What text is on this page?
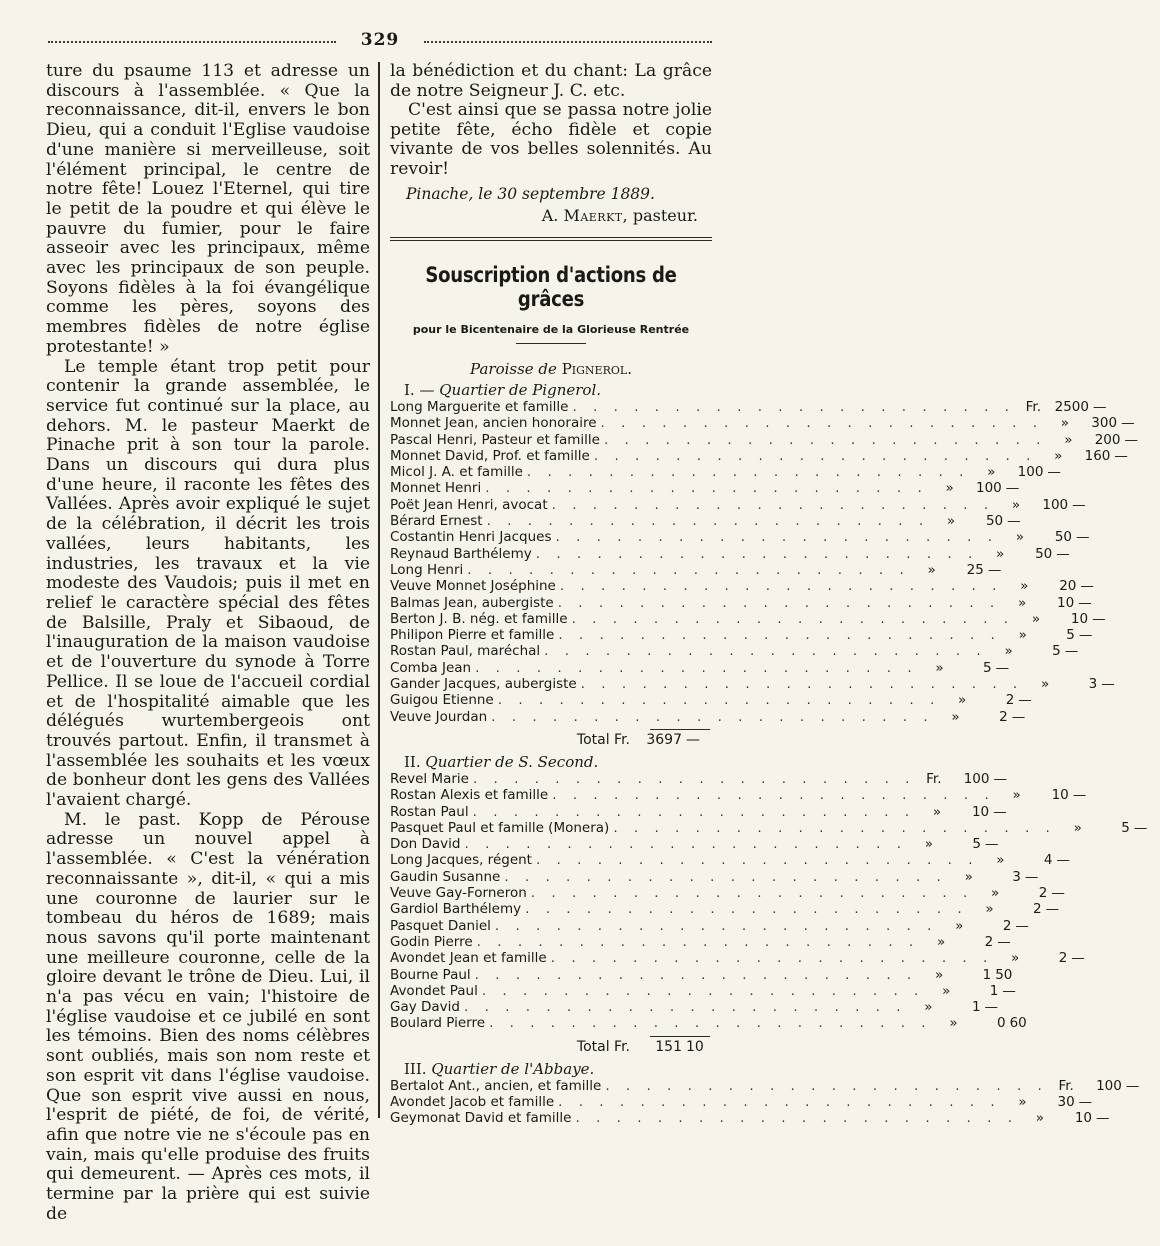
329

ture du psaume 113 et adresse un discours à l'assemblée. « Que la reconnaissance, dit-il, envers le bon Dieu, qui a conduit l'Eglise vaudoise d'une manière si merveilleuse, soit l'élément principal, le centre de notre fête! Louez l'Eternel, qui tire le petit de la poudre et qui élève le pauvre du fumier, pour le faire asseoir avec les principaux, même avec les principaux de son peuple. Soyons fidèles à la foi évangélique comme les pères, soyons des membres fidèles de notre église protestante! »

Le temple étant trop petit pour contenir la grande assemblée, le service fut continué sur la place, au dehors. M. le pasteur Maerkt de Pinache prit à son tour la parole. Dans un discours qui dura plus d'une heure, il raconte les fêtes des Vallées. Après avoir expliqué le sujet de la célébration, il décrit les trois vallées, leurs habitants, les industries, les travaux et la vie modeste des Vaudois; puis il met en relief le caractère spécial des fêtes de Balsille, Praly et Sibaoud, de l'inauguration de la maison vaudoise et de l'ouverture du synode à Torre Pellice. Il se loue de l'accueil cordial et de l'hospitalité aimable que les délégués wurtembergeois ont trouvés partout. Enfin, il transmet à l'assemblée les souhaits et les vœux de bonheur dont les gens des Vallées l'avaient chargé.

M. le past. Kopp de Pérouse adresse un nouvel appel à l'assemblée. « C'est la vénération reconnaissante », dit-il, « qui a mis une couronne de laurier sur le tombeau du héros de 1689; mais nous savons qu'il porte maintenant une meilleure couronne, celle de la gloire devant le trône de Dieu. Lui, il n'a pas vécu en vain; l'histoire de l'église vaudoise et ce jubilé en sont les témoins. Bien des noms célèbres sont oubliés, mais son nom reste et son esprit vit dans l'église vaudoise. Que son esprit vive aussi en nous, l'esprit de piété, de foi, de vérité, afin que notre vie ne s'écoule pas en vain, mais qu'elle produise des fruits qui demeurent. — Après ces mots, il termine par la prière qui est suivie de

la bénédiction et du chant: La grâce de notre Seigneur J. C. etc.

C'est ainsi que se passa notre jolie petite fête, écho fidèle et copie vivante de vos belles solennités. Au revoir!

Pinache, le 30 septembre 1889.
A. Maerkt, pasteur.
Souscription d'actions de grâces
pour le Bicentenaire de la Glorieuse Rentrée
Paroisse de Pignerol.
I. — Quartier de Pignerol.
Long Marguerite et famille . . . . . . . . . . . . . . . . . . . . . . Fr.	2500 —
Monnet Jean, ancien honoraire . . . . . . . . . . . . . . . . . . . . . .	»	300 —
Pascal Henri, Pasteur et famille . . . . . . . . . . . . . . . . . . . . . .	»	200 —
Monnet David, Prof. et famille . . . . . . . . . . . . . . . . . . . . . .	»	160 —
Micol J. A. et famille . . . . . . . . . . . . . . . . . . . . . .	»	100 —
Monnet Henri . . . . . . . . . . . . . . . . . . . . . .	»	100 —
Poët Jean Henri, avocat . . . . . . . . . . . . . . . . . . . . . .	»	100 —
Bérard Ernest . . . . . . . . . . . . . . . . . . . . . .	»	50 —
Costantin Henri Jacques . . . . . . . . . . . . . . . . . . . . . .	»	50 —
Reynaud Barthélemy . . . . . . . . . . . . . . . . . . . . . .	»	50 —
Long Henri . . . . . . . . . . . . . . . . . . . . . .	»	25 —
Veuve Monnet Joséphine . . . . . . . . . . . . . . . . . . . . . .	»	20 —
Balmas Jean, aubergiste . . . . . . . . . . . . . . . . . . . . . .	»	10 —
Berton J. B. nég. et famille . . . . . . . . . . . . . . . . . . . . . .	»	10 —
Philipon Pierre et famille . . . . . . . . . . . . . . . . . . . . . .	»	5 —
Rostan Paul, maréchal . . . . . . . . . . . . . . . . . . . . . .	»	5 —
Comba Jean . . . . . . . . . . . . . . . . . . . . . .	»	5 —
Gander Jacques, aubergiste . . . . . . . . . . . . . . . . . . . . . .	»	3 —
Guigou Etienne . . . . . . . . . . . . . . . . . . . . . .	»	2 —
Veuve Jourdan . . . . . . . . . . . . . . . . . . . . . .	»	2 —
Total Fr.	3697 —
II. Quartier de S. Second.
Revel Marie . . . . . . . . . . . . . . . . . . . . . . Fr.	100 —
Rostan Alexis et famille . . . . . . . . . . . . . . . . . . . . . .	»	10 —
Rostan Paul . . . . . . . . . . . . . . . . . . . . . .	»	10 —
Pasquet Paul et famille (Monera) . . . . . . . . . . . . . . . . . . . . . .	»	5 —
Don David . . . . . . . . . . . . . . . . . . . . . .	»	5 —
Long Jacques, régent . . . . . . . . . . . . . . . . . . . . . .	»	4 —
Gaudin Susanne . . . . . . . . . . . . . . . . . . . . . .	»	3 —
Veuve Gay-Forneron . . . . . . . . . . . . . . . . . . . . . .	»	2 —
Gardiol Barthélemy . . . . . . . . . . . . . . . . . . . . . .	»	2 —
Pasquet Daniel . . . . . . . . . . . . . . . . . . . . . .	»	2 —
Godin Pierre . . . . . . . . . . . . . . . . . . . . . .	»	2 —
Avondet Jean et famille . . . . . . . . . . . . . . . . . . . . . .	»	2 —
Bourne Paul . . . . . . . . . . . . . . . . . . . . . .	»	1 50
Avondet Paul . . . . . . . . . . . . . . . . . . . . . .	»	1 —
Gay David . . . . . . . . . . . . . . . . . . . . . .	»	1 —
Boulard Pierre . . . . . . . . . . . . . . . . . . . . . .	»	0 60
Total Fr.	151 10
III. Quartier de l'Abbaye.
Bertalot Ant., ancien, et famille . . . . . . . . . . . . . . . . . . . . . . Fr.	100 —
Avondet Jacob et famille . . . . . . . . . . . . . . . . . . . . . .	»	30 —
Geymonat David et famille . . . . . . . . . . . . . . . . . . . . . .	»	10 —
